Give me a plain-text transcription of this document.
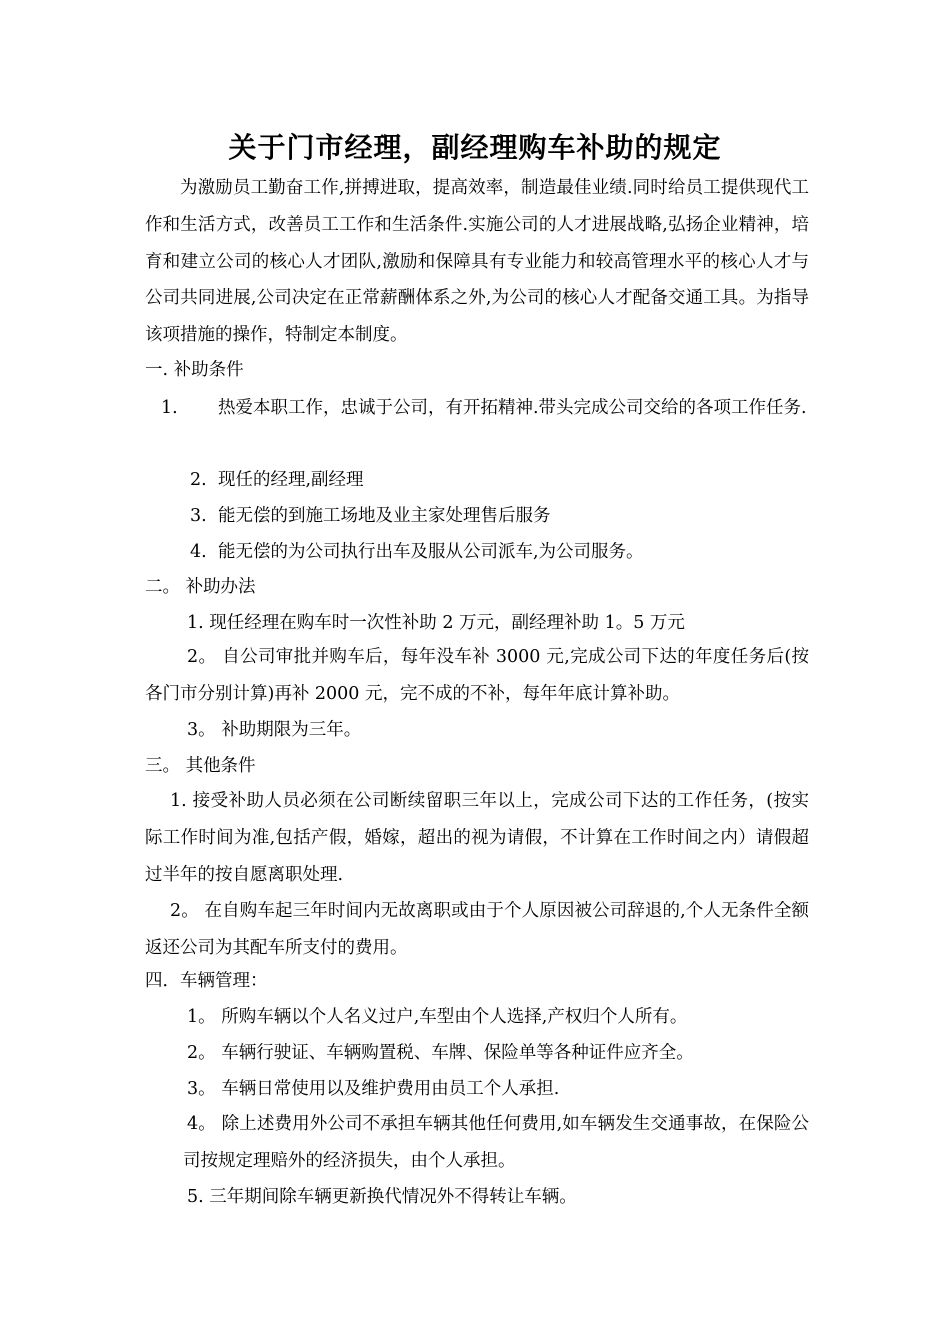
关于门市经理，副经理购车补助的规定

为激励员工勤奋工作,拼搏进取，提高效率，制造最佳业绩.同时给员工提供现代工作和生活方式，改善员工工作和生活条件.实施公司的人才进展战略,弘扬企业精神，培育和建立公司的核心人才团队,激励和保障具有专业能力和较高管理水平的核心人才与公司共同进展,公司决定在正常薪酬体系之外,为公司的核心人才配备交通工具。为指导该项措施的操作，特制定本制度。

一. 补助条件
1. 热爱本职工作，忠诚于公司，有开拓精神.带头完成公司交给的各项工作任务.
2. 现任的经理,副经理
3. 能无偿的到施工场地及业主家处理售后服务
4. 能无偿的为公司执行出车及服从公司派车,为公司服务。
二。 补助办法
1. 现任经理在购车时一次性补助 2 万元，副经理补助 1。5 万元
2。 自公司审批并购车后，每年没车补 3000 元,完成公司下达的年度任务后(按各门市分别计算)再补 2000 元，完不成的不补，每年年底计算补助。
3。 补助期限为三年。
三。 其他条件
1. 接受补助人员必须在公司断续留职三年以上，完成公司下达的工作任务，(按实际工作时间为准,包括产假，婚嫁，超出的视为请假，不计算在工作时间之内）请假超过半年的按自愿离职处理.
2。 在自购车起三年时间内无故离职或由于个人原因被公司辞退的,个人无条件全额返还公司为其配车所支付的费用。
四．车辆管理：
1。 所购车辆以个人名义过户,车型由个人选择,产权归个人所有。
2。 车辆行驶证、车辆购置税、车牌、保险单等各种证件应齐全。
3。 车辆日常使用以及维护费用由员工个人承担.
4。 除上述费用外公司不承担车辆其他任何费用,如车辆发生交通事故，在保险公司按规定理赔外的经济损失，由个人承担。
5. 三年期间除车辆更新换代情况外不得转让车辆。
